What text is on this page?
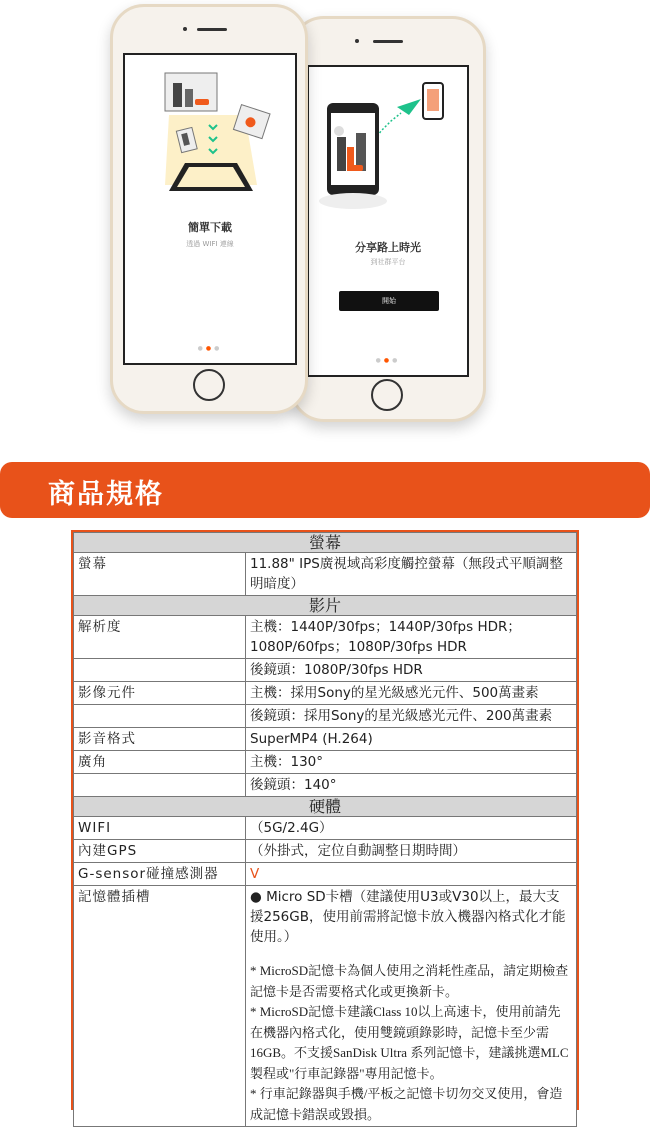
分享路上時光
到社群平台
開始
●●●
簡單下載
透過 WIFI 連線
●●●
商品規格
螢幕	
螢幕	11.88" IPS廣視域高彩度觸控螢幕（無段式平順調整明暗度）
影片	
解析度	主機：1440P/30fps；1440P/30fps HDR；1080P/60fps；1080P/30fps HDR
	後鏡頭：1080P/30fps HDR
影像元件	主機：採用Sony的星光級感光元件、500萬畫素
	後鏡頭：採用Sony的星光級感光元件、200萬畫素
影音格式	SuperMP4 (H.264)
廣角	主機：130°
	後鏡頭：140°
硬體	
WIFI	（5G/2.4G）
內建GPS	（外掛式，定位自動調整日期時間）
G-sensor碰撞感測器	V
記憶體插槽	● Micro SD卡槽（建議使用U3或V30以上，最大支援256GB，使用前需將記憶卡放入機器內格式化才能使用。）
* MicroSD記憶卡為個人使用之消耗性產品，請定期檢查記憶卡是否需要格式化或更換新卡。
* MicroSD記憶卡建議Class 10以上高速卡，使用前請先在機器內格式化，使用雙鏡頭錄影時，記憶卡至少需16GB。不支援SanDisk Ultra 系列記憶卡，建議挑選MLC製程或"行車記錄器"專用記憶卡。
* 行車記錄器與手機/平板之記憶卡切勿交叉使用，會造成記憶卡錯誤或毀損。
